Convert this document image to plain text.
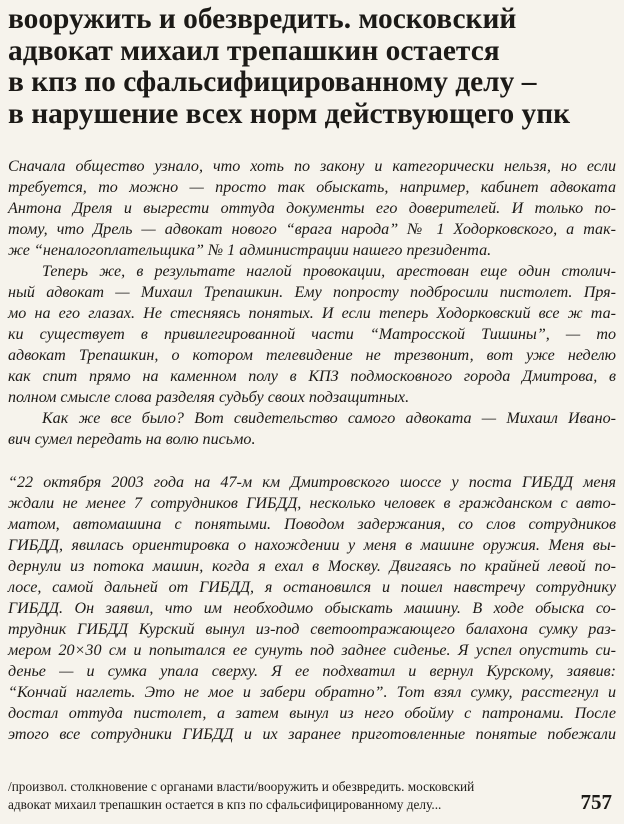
вооружить и обезвредить. московский
адвокат михаил трепашкин остается
в кпз по сфальсифицированному делу –
в нарушение всех норм действующего упк
Сначала общество узнало, что хоть по закону и категорически нельзя, но если
требуется, то можно — просто так обыскать, например, кабинет адвоката
Антона Дреля и выгрести оттуда документы его доверителей. И только по-
тому, что Дрель — адвокат нового “врага народа” № 1 Ходорковского, а так-
же “неналогоплательщика” № 1 администрации нашего президента.
Теперь же, в результате наглой провокации, арестован еще один столич-
ный адвокат — Михаил Трепашкин. Ему попросту подбросили пистолет. Пря-
мо на его глазах. Не стесняясь понятых. И если теперь Ходорковский все ж та-
ки существует в привилегированной части “Матросской Тишины”, — то
адвокат Трепашкин, о котором телевидение не трезвонит, вот уже неделю
как спит прямо на каменном полу в КПЗ подмосковного города Дмитрова, в
полном смысле слова разделяя судьбу своих подзащитных.
Как же все было? Вот свидетельство самого адвоката — Михаил Ивано-
вич сумел передать на волю письмо.
“22 октября 2003 года на 47-м км Дмитровского шоссе у поста ГИБДД меня
ждали не менее 7 сотрудников ГИБДД, несколько человек в гражданском с авто-
матом, автомашина с понятыми. Поводом задержания, со слов сотрудников
ГИБДД, явилась ориентировка о нахождении у меня в машине оружия. Меня вы-
дернули из потока машин, когда я ехал в Москву. Двигаясь по крайней левой по-
лосе, самой дальней от ГИБДД, я остановился и пошел навстречу сотруднику
ГИБДД. Он заявил, что им необходимо обыскать машину. В ходе обыска со-
трудник ГИБДД Курский вынул из-под светоотражающего балахона сумку раз-
мером 20×30 см и попытался ее сунуть под заднее сиденье. Я успел опустить си-
денье — и сумка упала сверху. Я ее подхватил и вернул Курскому, заявив:
“Кончай наглеть. Это не мое и забери обратно”. Тот взял сумку, расстегнул и
достал оттуда пистолет, а затем вынул из него обойму с патронами. После
этого все сотрудники ГИБДД и их заранее приготовленные понятые побежали
/произвол. столкновение с органами власти/вооружить и обезвредить. московский
адвокат михаил трепашкин остается в кпз по сфальсифицированному делу...	757
